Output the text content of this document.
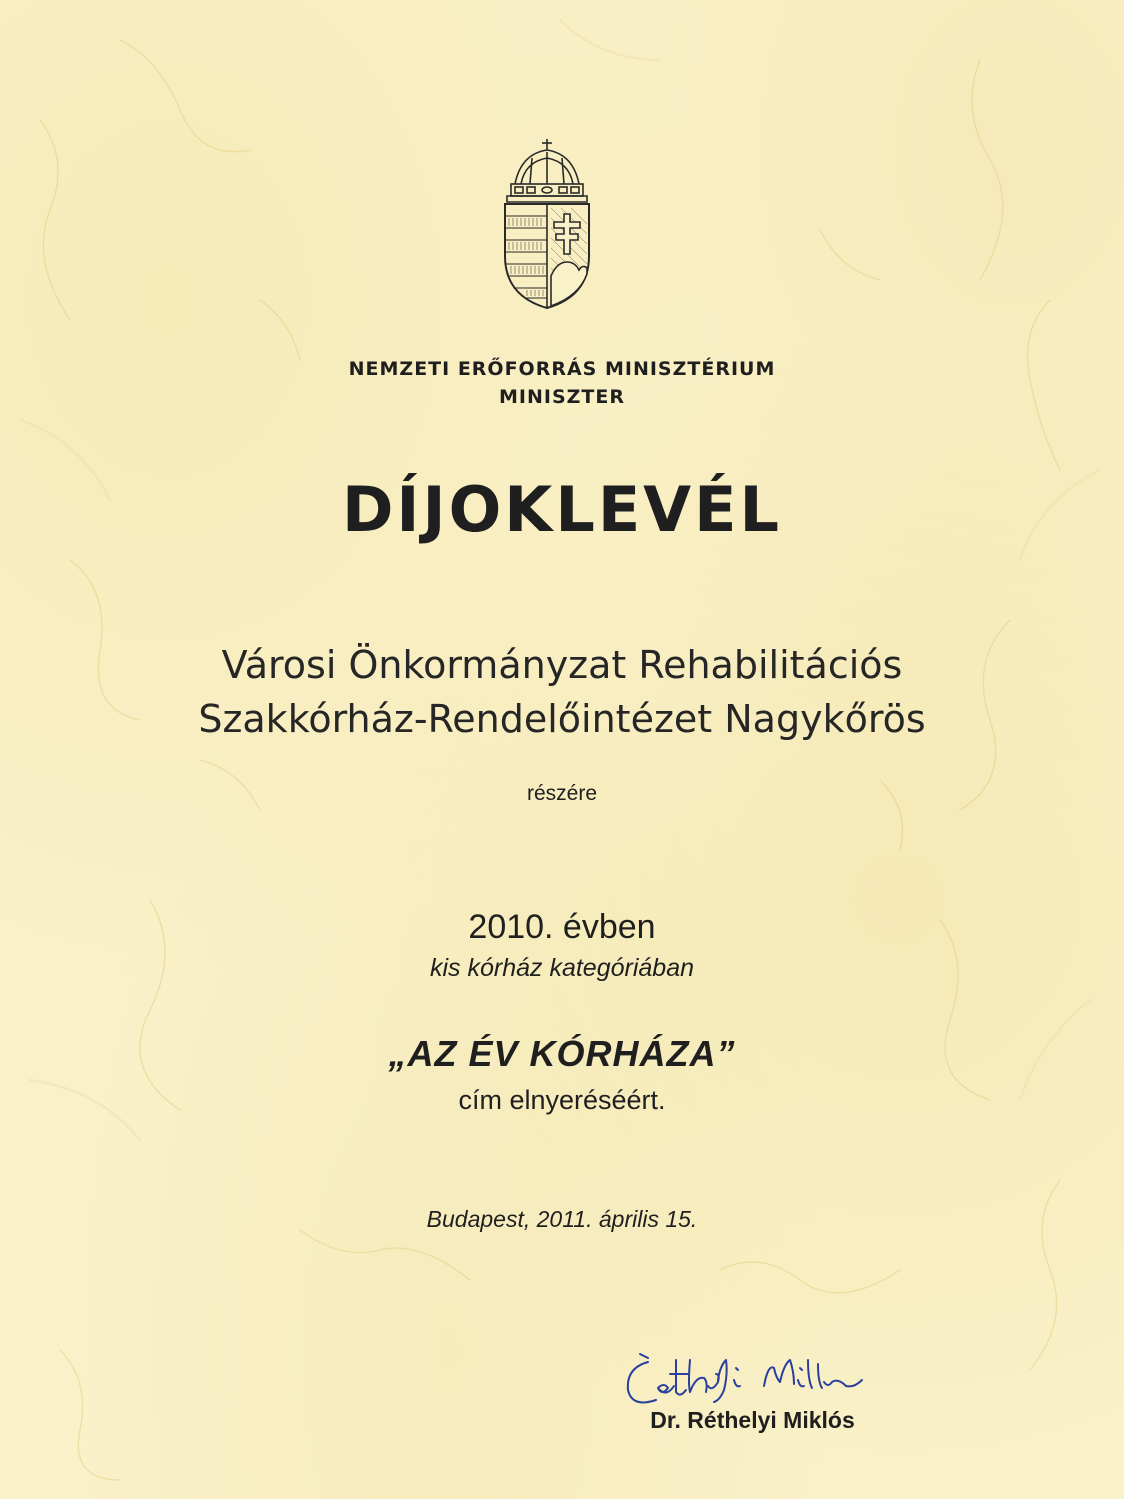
NEMZETI ERŐFORRÁS MINISZTÉRIUM
MINISZTER
DÍJOKLEVÉL
Városi Önkormányzat Rehabilitációs
Szakkórház-Rendelőintézet Nagykőrös
részére
2010. évben
kis kórház kategóriában
„AZ ÉV KÓRHÁZA”
cím elnyeréséért.
Budapest, 2011. április 15.
Dr. Réthelyi Miklós
